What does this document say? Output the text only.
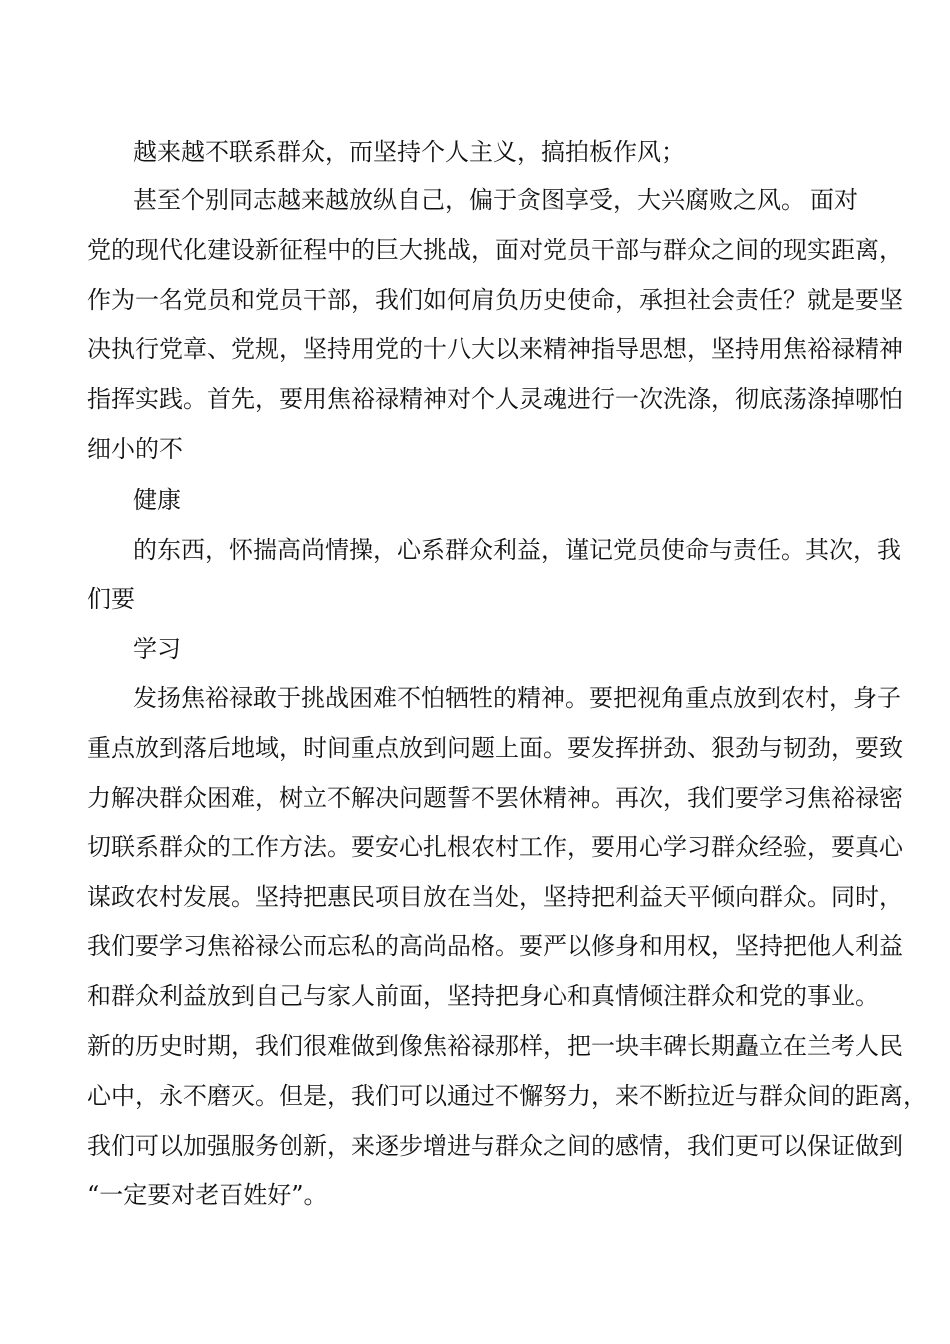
越来越不联系群众，而坚持个人主义，搞拍板作风；
甚至个别同志越来越放纵自己，偏于贪图享受，大兴腐败之风。 面对
党的现代化建设新征程中的巨大挑战，面对党员干部与群众之间的现实距离，
作为一名党员和党员干部，我们如何肩负历史使命，承担社会责任？就是要坚
决执行党章、党规，坚持用党的十八大以来精神指导思想，坚持用焦裕禄精神
指挥实践。首先，要用焦裕禄精神对个人灵魂进行一次洗涤，彻底荡涤掉哪怕
细小的不
健康
的东西，怀揣高尚情操，心系群众利益，谨记党员使命与责任。其次，我
们要
学习
发扬焦裕禄敢于挑战困难不怕牺牲的精神。要把视角重点放到农村，身子
重点放到落后地域，时间重点放到问题上面。要发挥拼劲、狠劲与韧劲，要致
力解决群众困难，树立不解决问题誓不罢休精神。再次，我们要学习焦裕禄密
切联系群众的工作方法。要安心扎根农村工作，要用心学习群众经验，要真心
谋政农村发展。坚持把惠民项目放在当处，坚持把利益天平倾向群众。同时，
我们要学习焦裕禄公而忘私的高尚品格。要严以修身和用权，坚持把他人利益
和群众利益放到自己与家人前面，坚持把身心和真情倾注群众和党的事业。
新的历史时期，我们很难做到像焦裕禄那样，把一块丰碑长期矗立在兰考人民
心中，永不磨灭。但是，我们可以通过不懈努力，来不断拉近与群众间的距离，
我们可以加强服务创新，来逐步增进与群众之间的感情，我们更可以保证做到
“一定要对老百姓好”。
